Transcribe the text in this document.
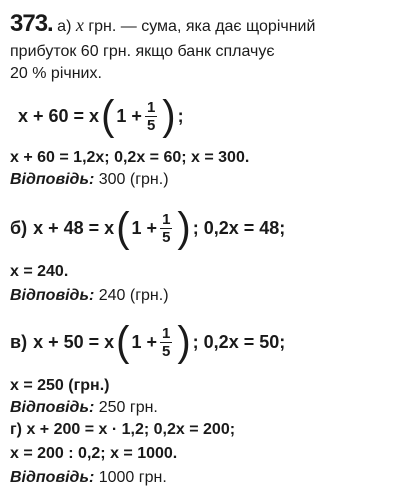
373. а) x грн. — сума, яка дає щорічний
прибуток 60 грн. якщо банк сплачує
20 % річних.
x + 60 = x ( $1 + \frac{1}{5}$ ) ;
x + 60 = 1,2x; 0,2x = 60; x = 300.
Відповідь: 300 (грн.)
б) x + 48 = x ( $1 + \frac{1}{5}$ ) ; 0,2x = 48;
x = 240.
Відповідь: 240 (грн.)
в) x + 50 = x ( $1 + \frac{1}{5}$ ) ; 0,2x = 50;
x = 250 (грн.)
Відповідь: 250 грн.
г) x + 200 = x · 1,2; 0,2x = 200;
x = 200 : 0,2; x = 1000.
Відповідь: 1000 грн.
